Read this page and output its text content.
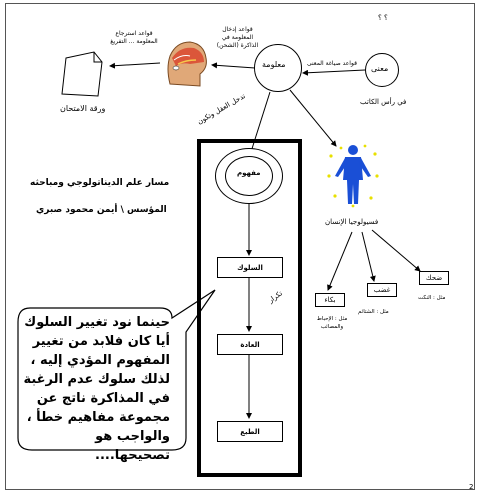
معنى
معلومة
ورقة الامتحان
قواعد صياغة المعنى
قواعد إدخال المعلومة في الذاكرة (الشحن)
قواعد استرجاع المعلومة ... التفريغ
في رأس الكاتب
تدخل العقل وتكون
؟ ؟
مفهوم
السلوك
العادة
الطبع
تكرار
مسار علم الديناتولوجي ومباحثه
المؤسس \ أيمن محمود صبري
فسيولوجيا الإنسان
ضحك
غضب
بكاء	مثل : النكت
مثل : الشتائم
مثل : الإحباط والمصائب
حينما نود تغيير السلوك أيا كان فلابد من تغيير المفهوم المؤدي إليه ، لذلك سلوك عدم الرغبة في المذاكرة ناتج عن مجموعة مفاهيم خطأ ، والواجب هو تصحيحها....
2
